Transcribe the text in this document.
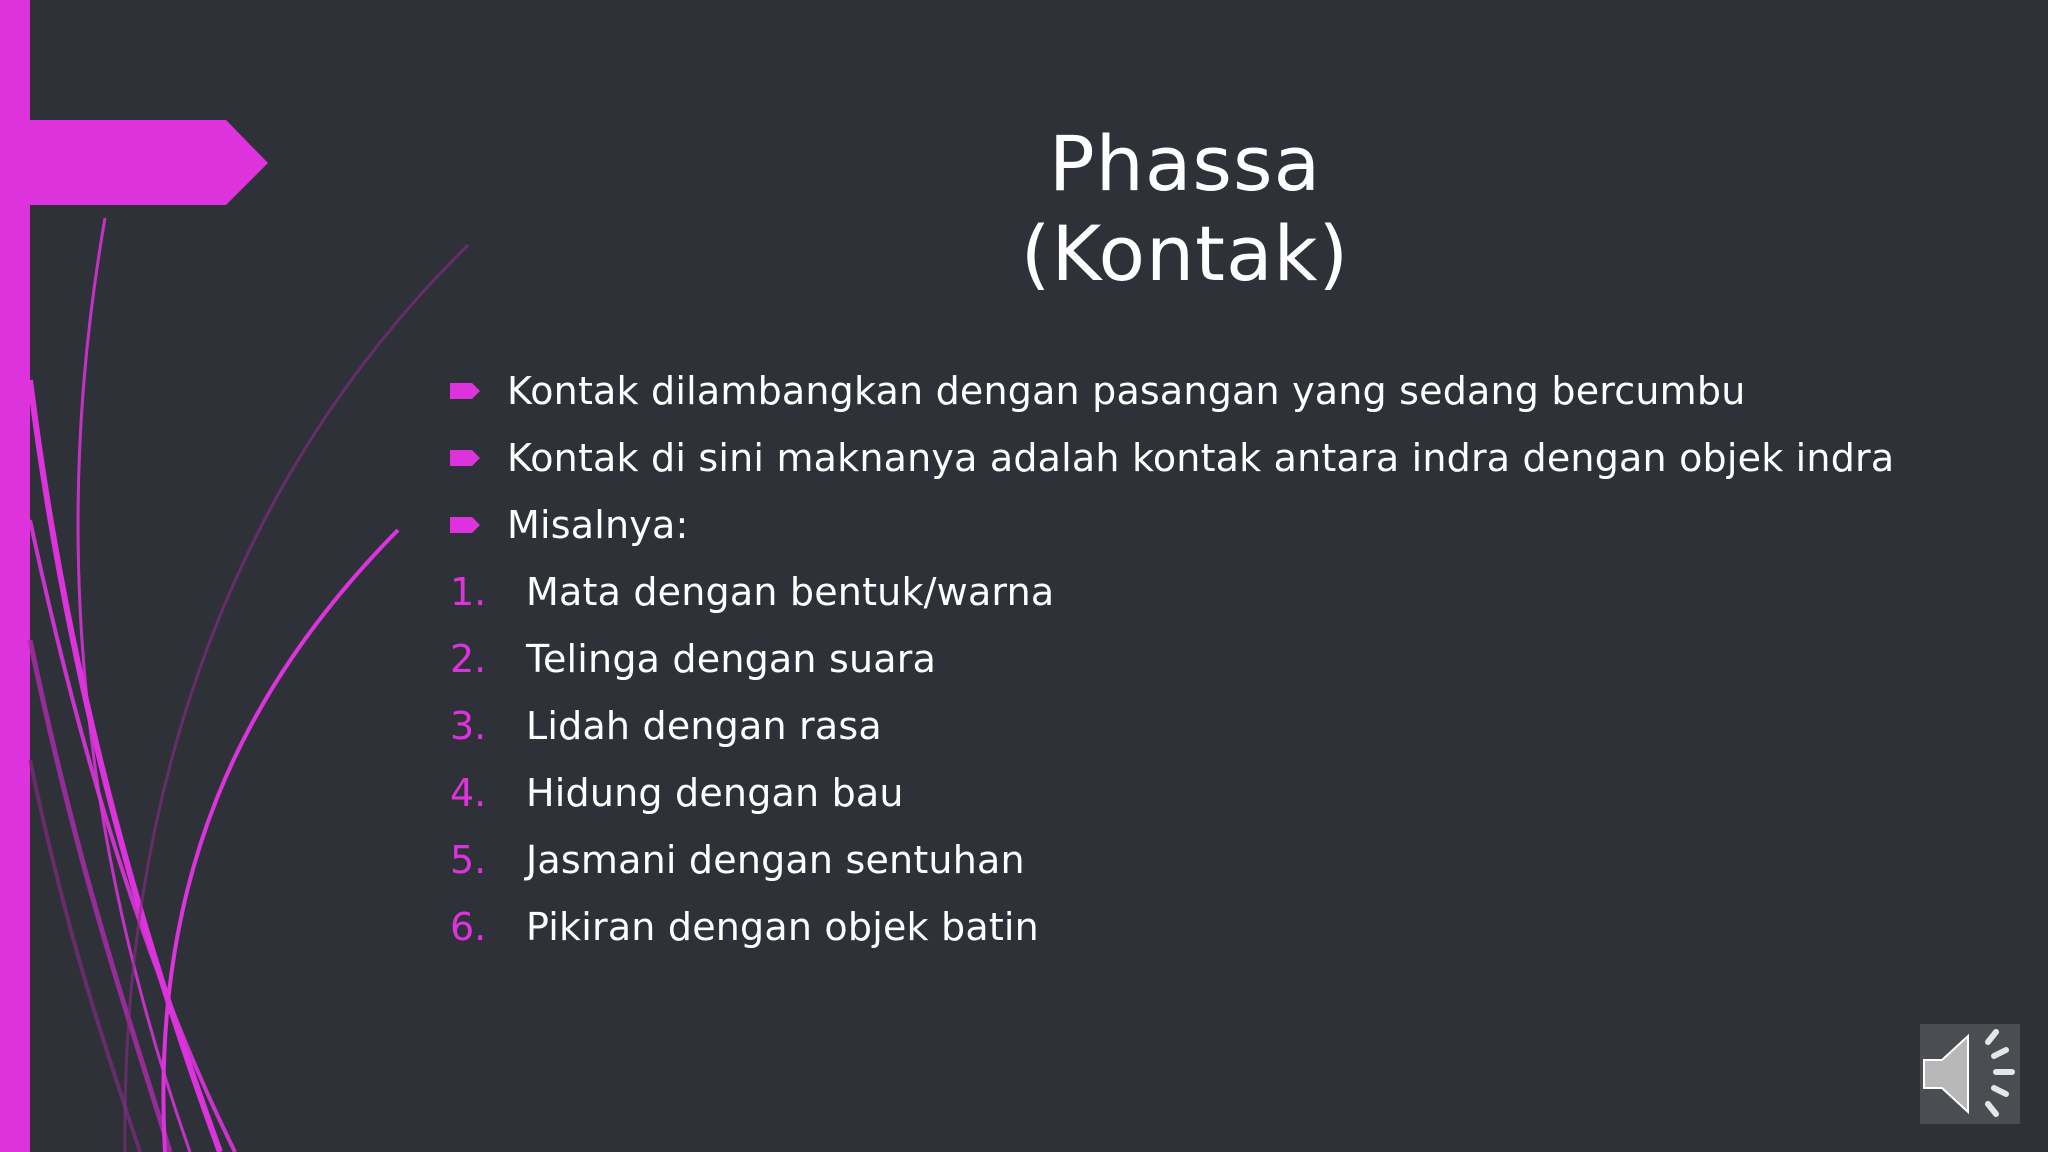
Phassa
(Kontak)
Kontak dilambangkan dengan pasangan yang sedang bercumbu
Kontak di sini maknanya adalah kontak antara indra dengan objek indra
Misalnya:
1. Mata dengan bentuk/warna
2. Telinga dengan suara
3. Lidah dengan rasa
4. Hidung dengan bau
5. Jasmani dengan sentuhan
6. Pikiran dengan objek batin
